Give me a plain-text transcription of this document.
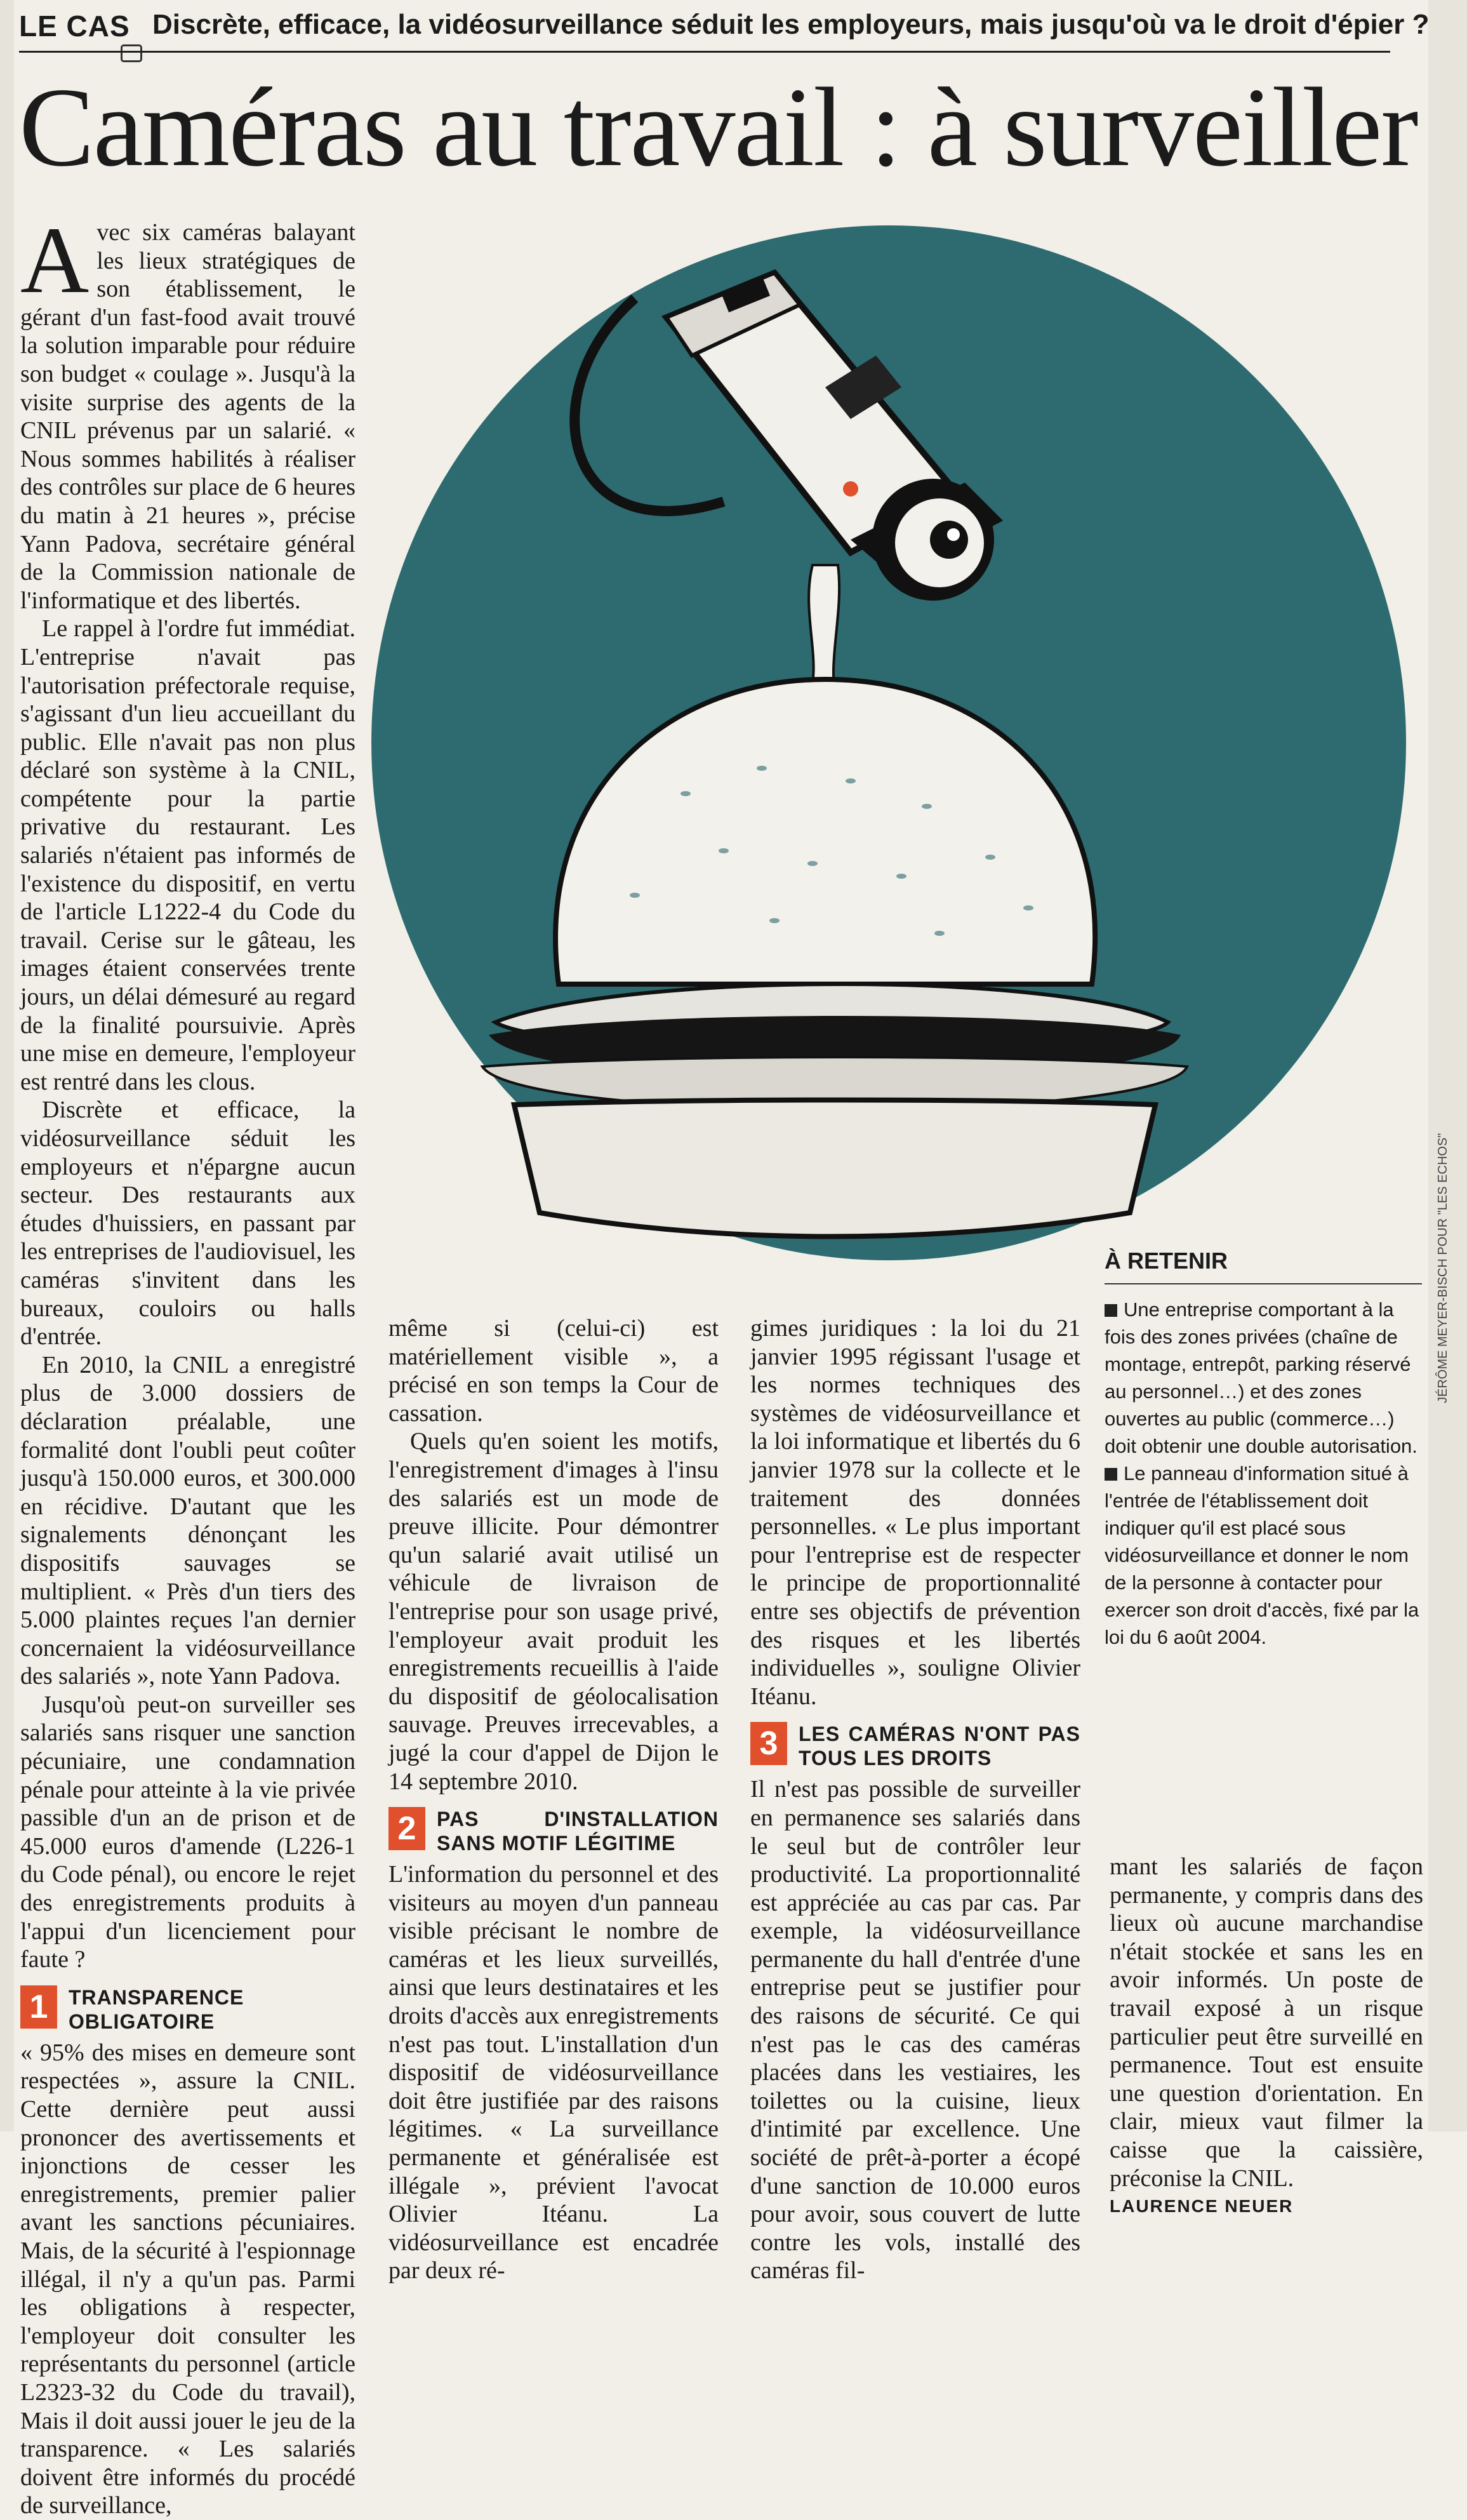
LE CAS Discrète, efficace, la vidéosurveillance séduit les employeurs, mais jusqu'où va le droit d'épier ?
Caméras au travail : à surveiller
JÉRÔME MEYER-BISCH POUR "LES ECHOS"

Avec six caméras balayant les lieux stratégiques de son établissement, le gérant d'un fast-food avait trouvé la solution imparable pour réduire son budget « coulage ». Jusqu'à la visite surprise des agents de la CNIL prévenus par un salarié. « Nous sommes habilités à réaliser des contrôles sur place de 6 heures du matin à 21 heures », précise Yann Padova, secrétaire général de la Commission nationale de l'informatique et des libertés.

Le rappel à l'ordre fut immédiat. L'entreprise n'avait pas l'autorisation préfectorale requise, s'agissant d'un lieu accueillant du public. Elle n'avait pas non plus déclaré son système à la CNIL, compétente pour la partie privative du restaurant. Les salariés n'étaient pas informés de l'existence du dispositif, en vertu de l'article L1222-4 du Code du travail. Cerise sur le gâteau, les images étaient conservées trente jours, un délai démesuré au regard de la finalité poursuivie. Après une mise en demeure, l'employeur est rentré dans les clous.

Discrète et efficace, la vidéosurveillance séduit les employeurs et n'épargne aucun secteur. Des restaurants aux études d'huissiers, en passant par les entreprises de l'audiovisuel, les caméras s'invitent dans les bureaux, couloirs ou halls d'entrée.

En 2010, la CNIL a enregistré plus de 3.000 dossiers de déclaration préalable, une formalité dont l'oubli peut coûter jusqu'à 150.000 euros, et 300.000 en récidive. D'autant que les signalements dénonçant les dispositifs sauvages se multiplient. « Près d'un tiers des 5.000 plaintes reçues l'an dernier concernaient la vidéosurveillance des salariés », note Yann Padova.

Jusqu'où peut-on surveiller ses salariés sans risquer une sanction pécuniaire, une condamnation pénale pour atteinte à la vie privée passible d'un an de prison et de 45.000 euros d'amende (L226-1 du Code pénal), ou encore le rejet des enregistrements produits à l'appui d'un licenciement pour faute ?

1	TRANSPARENCE OBLIGATOIRE

« 95% des mises en demeure sont respectées », assure la CNIL. Cette dernière peut aussi prononcer des avertissements et injonctions de cesser les enregistrements, premier palier avant les sanctions pécuniaires. Mais, de la sécurité à l'espionnage illégal, il n'y a qu'un pas. Parmi les obligations à respecter, l'employeur doit consulter les représentants du personnel (article L2323-32 du Code du travail), Mais il doit aussi jouer le jeu de la transparence. « Les salariés doivent être informés du procédé de surveillance,

même si (celui-ci) est matériellement visible », a précisé en son temps la Cour de cassation.

Quels qu'en soient les motifs, l'enregistrement d'images à l'insu des salariés est un mode de preuve illicite. Pour démontrer qu'un salarié avait utilisé un véhicule de livraison de l'entreprise pour son usage privé, l'employeur avait produit les enregistrements recueillis à l'aide du dispositif de géolocalisation sauvage. Preuves irrecevables, a jugé la cour d'appel de Dijon le 14 septembre 2010.

2	PAS D'INSTALLATION SANS MOTIF LÉGITIME

L'information du personnel et des visiteurs au moyen d'un panneau visible précisant le nombre de caméras et les lieux surveillés, ainsi que leurs destinataires et les droits d'accès aux enregistrements n'est pas tout. L'installation d'un dispositif de vidéosurveillance doit être justifiée par des raisons légitimes. « La surveillance permanente et généralisée est illégale », prévient l'avocat Olivier Itéanu. La vidéosurveillance est encadrée par deux ré-

gimes juridiques : la loi du 21 janvier 1995 régissant l'usage et les normes techniques des systèmes de vidéosurveillance et la loi informatique et libertés du 6 janvier 1978 sur la collecte et le traitement des données personnelles. « Le plus important pour l'entreprise est de respecter le principe de proportionnalité entre ses objectifs de prévention des risques et les libertés individuelles », souligne Olivier Itéanu.

3	LES CAMÉRAS N'ONT PAS TOUS LES DROITS

Il n'est pas possible de surveiller en permanence ses salariés dans le seul but de contrôler leur productivité. La proportionnalité est appréciée au cas par cas. Par exemple, la vidéosurveillance permanente du hall d'entrée d'une entreprise peut se justifier pour des raisons de sécurité. Ce qui n'est pas le cas des caméras placées dans les vestiaires, les toilettes ou la cuisine, lieux d'intimité par excellence. Une société de prêt-à-porter a écopé d'une sanction de 10.000 euros pour avoir, sous couvert de lutte contre les vols, installé des caméras fil-

À RETENIR

Une entreprise comportant à la fois des zones privées (chaîne de montage, entrepôt, parking réservé au personnel…) et des zones ouvertes au public (commerce…) doit obtenir une double autorisation.

Le panneau d'information situé à l'entrée de l'établissement doit indiquer qu'il est placé sous vidéosurveillance et donner le nom de la personne à contacter pour exercer son droit d'accès, fixé par la loi du 6 août 2004.

mant les salariés de façon permanente, y compris dans des lieux où aucune marchandise n'était stockée et sans les en avoir informés. Un poste de travail exposé à un risque particulier peut être surveillé en permanence. Tout est ensuite une question d'orientation. En clair, mieux vaut filmer la caisse que la caissière, préconise la CNIL.

LAURENCE NEUER
